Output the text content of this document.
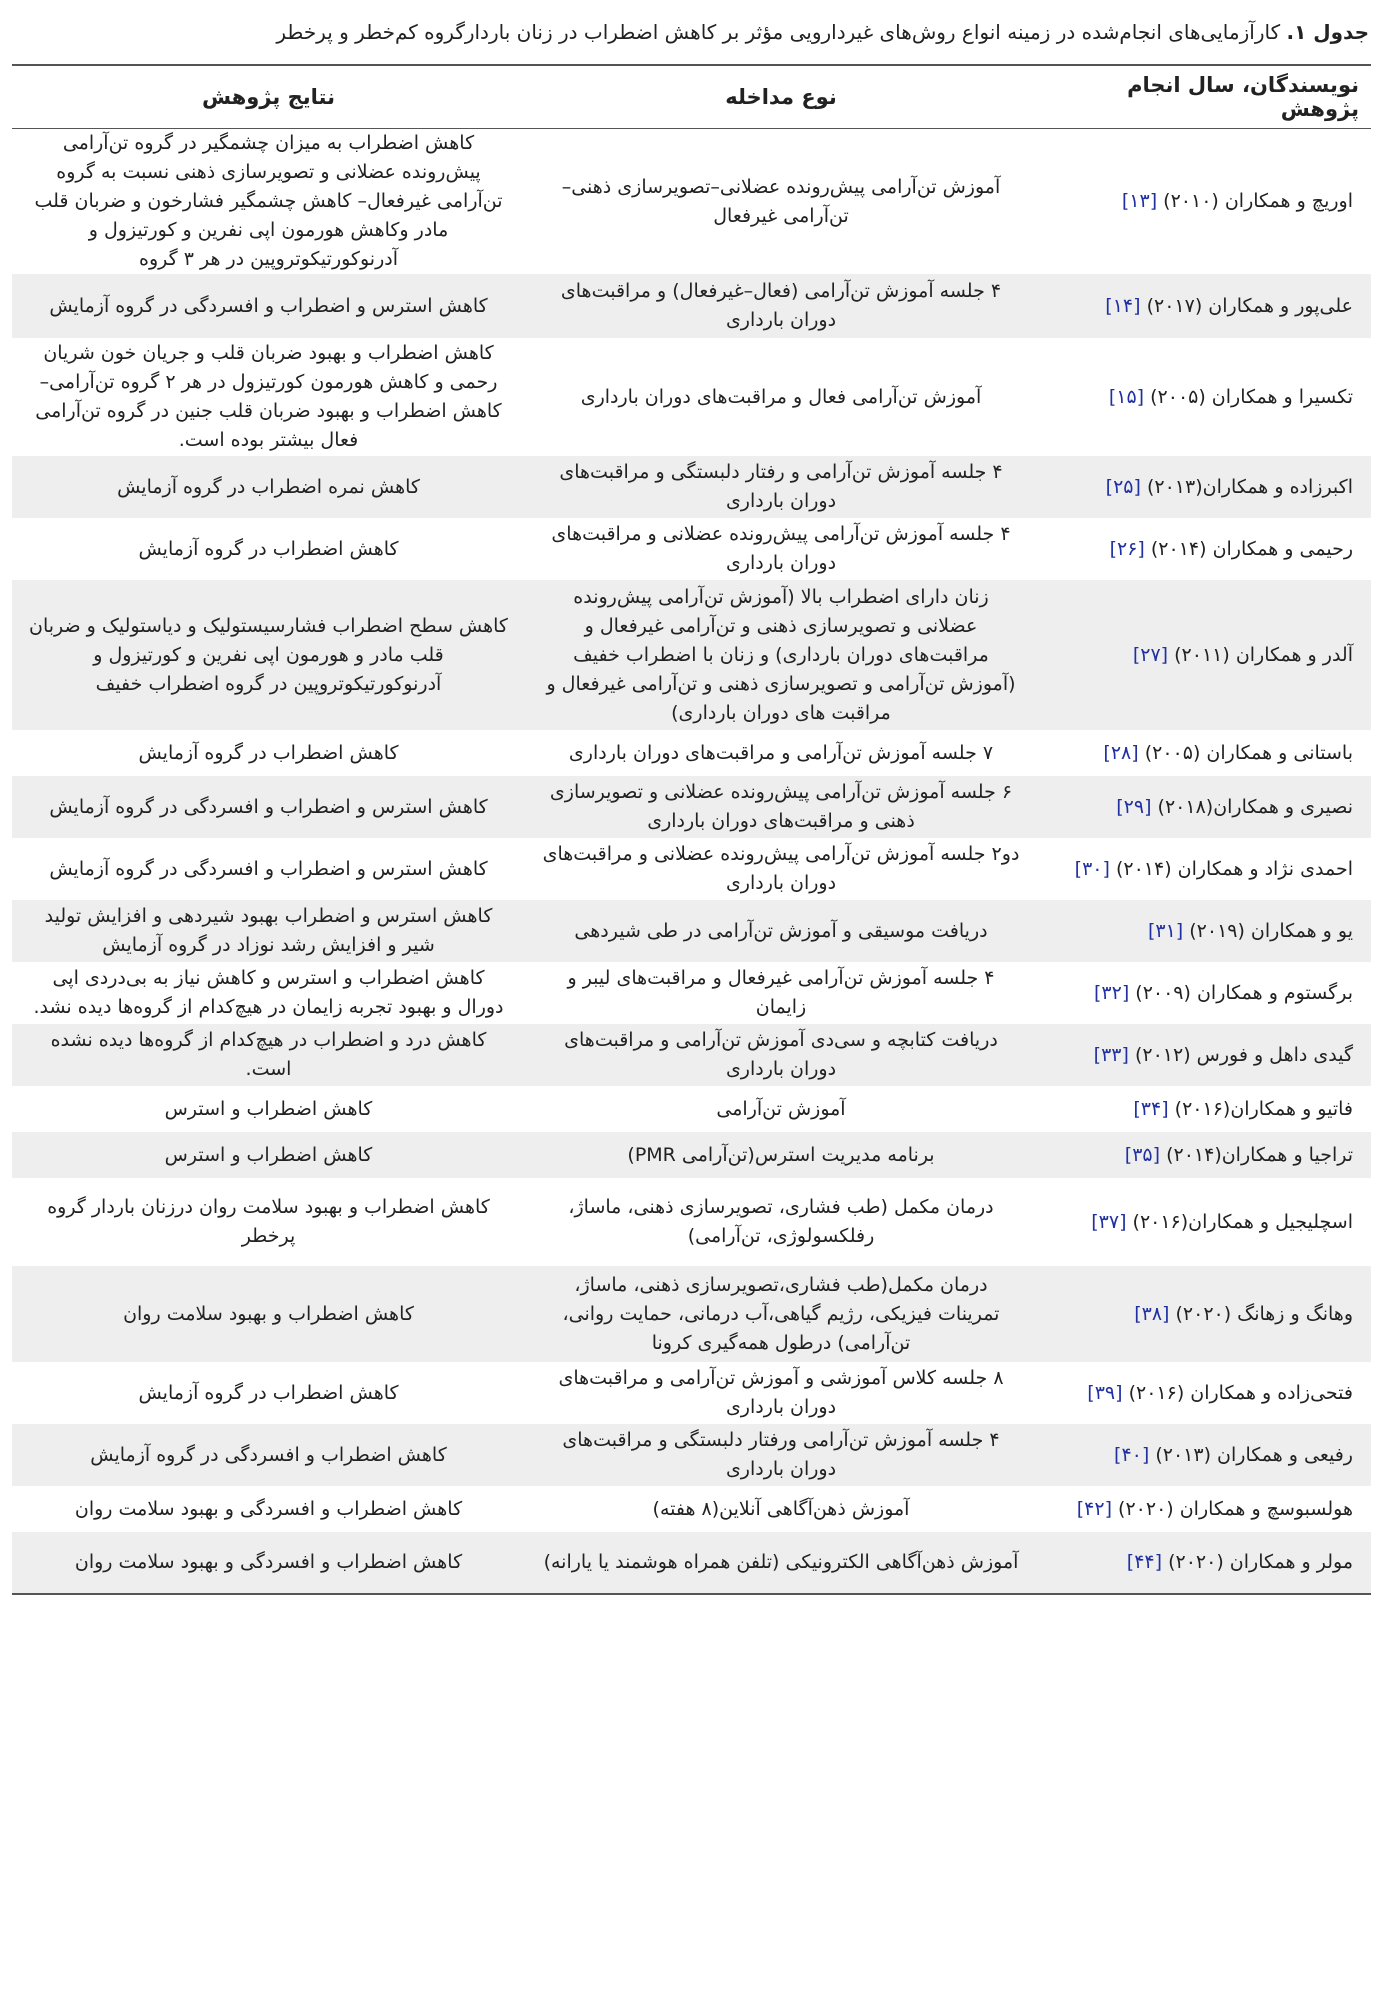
جدول ۱. کارآزمایی‌های انجام‌شده در زمینه انواع روش‌های غیردارویی مؤثر بر کاهش اضطراب در زنان باردارگروه کم‌خطر و پرخطر
نویسندگان، سال انجام پژوهش	نوع مداخله	نتایج پژوهش
اوریچ و همکاران (۲۰۱۰) [۱۳]	آموزش تن‌آرامی پیش‌رونده عضلانی–تصویرسازی ذهنی–تن‌آرامی غیرفعال	کاهش اضطراب به میزان چشمگیر در گروه تن‌آرامی پیش‌رونده عضلانی و تصویرسازی ذهنی نسبت به گروه تن‌آرامی غیرفعال– کاهش چشمگیر فشارخون و ضربان قلب مادر وکاهش هورمون اپی نفرین و کورتیزول و آدرنوکورتیکوتروپین در هر ۳ گروه
علی‌پور و همکاران (۲۰۱۷) [۱۴]	۴ جلسه آموزش تن‌آرامی (فعال–غیرفعال) و مراقبت‌های دوران بارداری	کاهش استرس و اضطراب و افسردگی در گروه آزمایش
تکسیرا و همکاران (۲۰۰۵) [۱۵]	آموزش تن‌آرامی فعال و مراقبت‌های دوران بارداری	کاهش اضطراب و بهبود ضربان قلب و جریان خون شریان رحمی و کاهش هورمون کورتیزول در هر ۲ گروه تن‌آرامی–کاهش اضطراب و بهبود ضربان قلب جنین در گروه تن‌آرامی فعال بیشتر بوده است.
اکبرزاده و همکاران(۲۰۱۳) [۲۵]	۴ جلسه آموزش تن‌آرامی و رفتار دلبستگی و مراقبت‌های دوران بارداری	کاهش نمره اضطراب در گروه آزمایش
رحیمی و همکاران (۲۰۱۴) [۲۶]	۴ جلسه آموزش تن‌آرامی پیش‌رونده عضلانی و مراقبت‌های دوران بارداری	کاهش اضطراب در گروه آزمایش
آلدر و همکاران (۲۰۱۱) [۲۷]	زنان دارای اضطراب بالا (آموزش تن‌آرامی پیش‌رونده عضلانی و تصویرسازی ذهنی و تن‌آرامی غیرفعال و مراقبت‌های دوران بارداری) و زنان با اضطراب خفیف (آموزش تن‌آرامی و تصویرسازی ذهنی و تن‌آرامی غیرفعال و مراقبت های دوران بارداری)	کاهش سطح اضطراب فشارسیستولیک و دیاستولیک و ضربان قلب مادر و هورمون اپی نفرین و کورتیزول و آدرنوکورتیکوتروپین در گروه اضطراب خفیف
باستانی و همکاران (۲۰۰۵) [۲۸]	۷ جلسه آموزش تن‌آرامی و مراقبت‌های دوران بارداری	کاهش اضطراب در گروه آزمایش
نصیری و همکاران(۲۰۱۸) [۲۹]	۶ جلسه آموزش تن‌آرامی پیش‌رونده عضلانی و تصویرسازی ذهنی و مراقبت‌های دوران بارداری	کاهش استرس و اضطراب و افسردگی در گروه آزمایش
احمدی نژاد و همکاران (۲۰۱۴) [۳۰]	دو۲ جلسه آموزش تن‌آرامی پیش‌رونده عضلانی و مراقبت‌های دوران بارداری	کاهش استرس و اضطراب و افسردگی در گروه آزمایش
یو و همکاران (۲۰۱۹) [۳۱]	دریافت موسیقی و آموزش تن‌آرامی در طی شیردهی	کاهش استرس و اضطراب بهبود شیردهی و افزایش تولید شیر و افزایش رشد نوزاد در گروه آزمایش
برگستوم و همکاران (۲۰۰۹) [۳۲]	۴ جلسه آموزش تن‌آرامی غیرفعال و مراقبت‌های لیبر و زایمان	کاهش اضطراب و استرس و کاهش نیاز به بی‌دردی اپی دورال و بهبود تجربه زایمان در هیچ‌کدام از گروه‌ها دیده نشد.
گیدی داهل و فورس (۲۰۱۲) [۳۳]	دریافت کتابچه و سی‌دی آموزش تن‌آرامی و مراقبت‌های دوران بارداری	کاهش درد و اضطراب در هیچ‌کدام از گروه‌ها دیده نشده است.
فاتیو و همکاران(۲۰۱۶) [۳۴]	آموزش تن‌آرامی	کاهش اضطراب و استرس
تراجیا و همکاران(۲۰۱۴) [۳۵]	برنامه مدیریت استرس(تن‌آرامی PMR)	کاهش اضطراب و استرس
اسچلیجیل و همکاران(۲۰۱۶) [۳۷]	درمان مکمل (طب فشاری، تصویرسازی ذهنی، ماساژ، رفلکسولوژی، تن‌آرامی)	کاهش اضطراب و بهبود سلامت روان درزنان باردار گروه پرخطر
وهانگ و زهانگ (۲۰۲۰) [۳۸]	درمان مکمل(طب فشاری،تصویرسازی ذهنی، ماساژ، تمرینات فیزیکی، رژیم گیاهی،آب درمانی، حمایت روانی، تن‌آرامی) درطول همه‌گیری کرونا	کاهش اضطراب و بهبود سلامت روان
فتحی‌زاده و همکاران (۲۰۱۶) [۳۹]	۸ جلسه کلاس آموزشی و آموزش تن‌آرامی و مراقبت‌های دوران بارداری	کاهش اضطراب در گروه آزمایش
رفیعی و همکاران (۲۰۱۳) [۴۰]	۴ جلسه آموزش تن‌آرامی ورفتار دلبستگی و مراقبت‌های دوران بارداری	کاهش اضطراب و افسردگی در گروه آزمایش
هولسبوسچ و همکاران (۲۰۲۰) [۴۲]	آموزش ذهن‌آگاهی آنلاین(۸ هفته)	کاهش اضطراب و افسردگی و بهبود سلامت روان
مولر و همکاران (۲۰۲۰) [۴۴]	آموزش ذهن‌آگاهی الکترونیکی (تلفن همراه هوشمند یا یارانه)	کاهش اضطراب و افسردگی و بهبود سلامت روان
